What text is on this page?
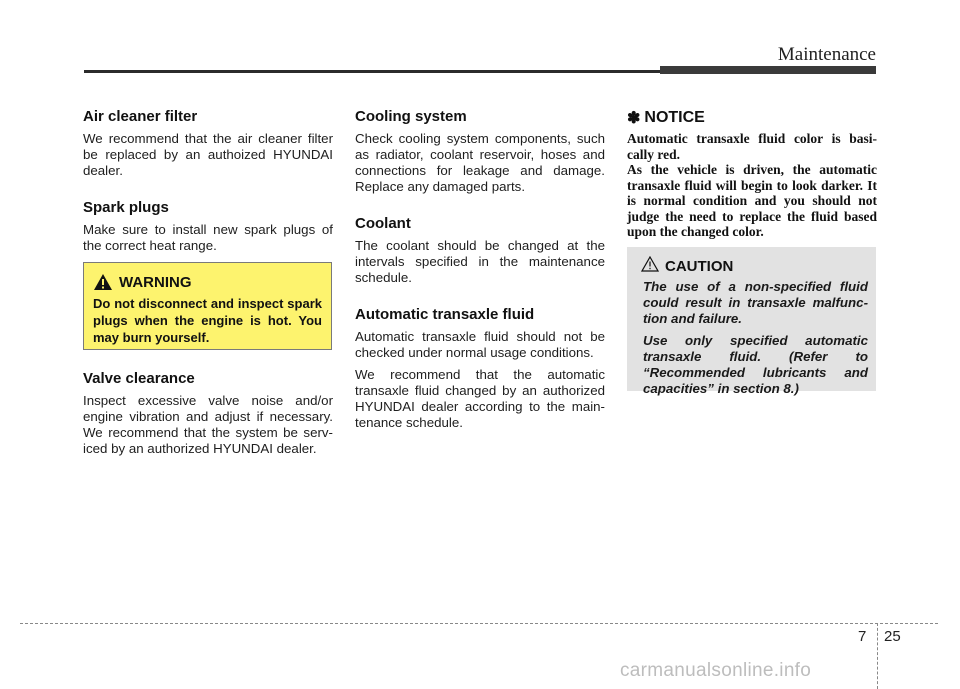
Maintenance
Air cleaner filter

We recommend that the air cleaner filter be replaced by an authoized HYUNDAI dealer.

Spark plugs

Make sure to install new spark plugs of the correct heat range.

WARNING

Do not disconnect and inspect spark plugs when the engine is hot. You may burn yourself.

Valve clearance

Inspect excessive valve noise and/or engine vibration and adjust if necessary. We recommend that the system be serv-iced by an authorized HYUNDAI dealer.

Cooling system

Check cooling system components, such as radiator, coolant reservoir, hoses and connections for leakage and damage. Replace any damaged parts.

Coolant

The coolant should be changed at the intervals specified in the maintenance schedule.

Automatic transaxle fluid

Automatic transaxle fluid should not be checked under normal usage conditions.

We recommend that the automatic transaxle fluid changed by an authorized HYUNDAI dealer according to the main-tenance schedule.

✽ NOTICE

Automatic transaxle fluid color is basi-cally red.

As the vehicle is driven, the automatic transaxle fluid will begin to look darker. It is normal condition and you should not judge the need to replace the fluid based upon the changed color.

CAUTION

The use of a non-specified fluid could result in transaxle malfunc-tion and failure.

Use only specified automatic transaxle fluid. (Refer to “Recommended lubricants and capacities” in section 8.)

7 25
carmanualsonline.info
